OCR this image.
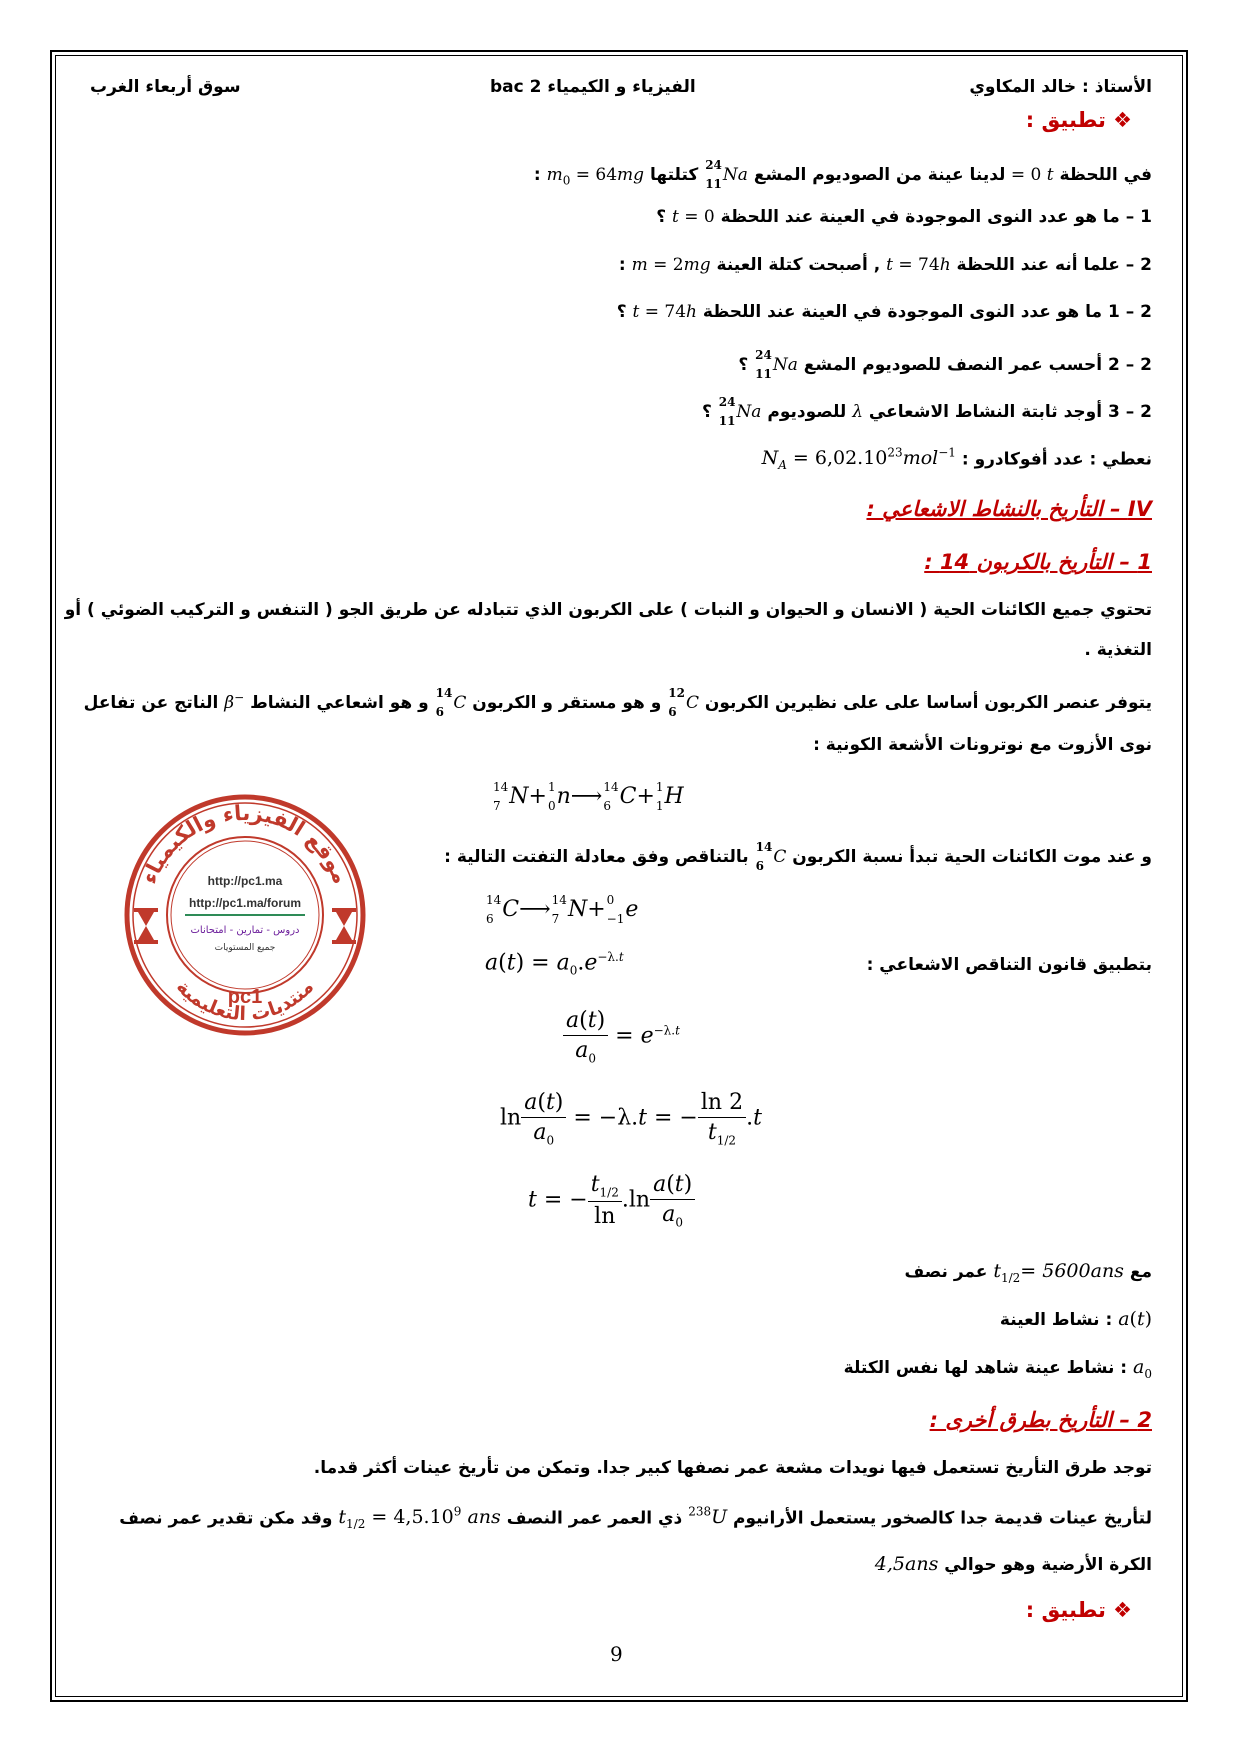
الأستاذ : خالد المكاوي
الفيزياء و الكيمياء 2 bac
سوق أربعاء الغرب
❖ تطبيق :
في اللحظة t = 0 لدينا عينة من الصوديوم المشع $^{24}$
$_{11}$Na كتلتها $m_0 = 64mg$ :
1 – ما هو عدد النوى الموجودة في العينة عند اللحظة t = 0 ؟
2 – علما أنه عند اللحظة t = 74h , أصبحت كتلة العينة m = 2mg :
2 – 1 ما هو عدد النوى الموجودة في العينة عند اللحظة t = 74h ؟
2 – 2 أحسب عمر النصف للصوديوم المشع $^{24}$
$_{11}$Na ؟
2 – 3 أوجد ثابتة النشاط الاشعاعي λ للصوديوم $^{24}$
$_{11}$Na ؟
نعطي : عدد أفوكادرو : $N_A = 6,02.10^{23}mol^{-1}$
IV – التأريخ بالنشاط الاشعاعي :
1 – التأريخ بالكربون 14 :
تحتوي جميع الكائنات الحية ( الانسان و الحيوان و النبات ) على الكربون الذي تتبادله عن طريق الجو ( التنفس و التركيب الضوئي ) أو
التغذية .
يتوفر عنصر الكربون أساسا على على نظيرين الكربون $^{12}$
$_6$ C و هو مستقر و الكربون $^{14}$
$_6$ C و هو اشعاعي النشاط β− الناتج عن تفاعل
نوى الأزوت مع نوترونات الأشعة الكونية :
$^{14}$
$_7$ N+$^1$
$_0$n⟶$^{14}$
$_6$ C+$^1$
$_1$H
و عند موت الكائنات الحية تبدأ نسبة الكربون $^{14}$
$_6$ C بالتناقص وفق معادلة التفتت التالية :
$^{14}$
$_6$ C⟶$^{14}$
$_7$ N+$^0$
$_{-1}$e
بتطبيق قانون التناقص الاشعاعي :
$a(t) = a_0.e^{-\lambda.t}$
$\frac{a(t)}{a_0} = e^{-\lambda.t}$
$\ln \frac{a(t)}{a_0} = -\lambda.t$ = − $\frac{\ln 2}{t_{1/2}} .t$
t = − $\frac{t_{1/2}}{\ln} .\ln \frac{a(t)}{a_0}$
مع $t_{1/2}= 5600ans$ عمر نصف
a(t) : نشاط العينة
$a_0$ : نشاط عينة شاهد لها نفس الكتلة
2 – التأريخ بطرق أخرى :
توجد طرق التأريخ تستعمل فيها نويدات مشعة عمر نصفها كبير جدا. وتمكن من تأريخ عينات أكثر قدما.
لتأريخ عينات قديمة جدا كالصخور يستعمل الأرانيوم $^{238}$U ذي العمر عمر النصف $t_{1/2} = 4,5.10^9$ ans وقد مكن تقدير عمر نصف
الكرة الأرضية وهو حوالي 4,5ans
❖ تطبيق :
9
موقع الفيزياء والكيمياء
منتديات التعليمية
http://pc1.ma
http://pc1.ma/forum
دروس - تمارين - امتحانات
جميع المستويات
pc1
